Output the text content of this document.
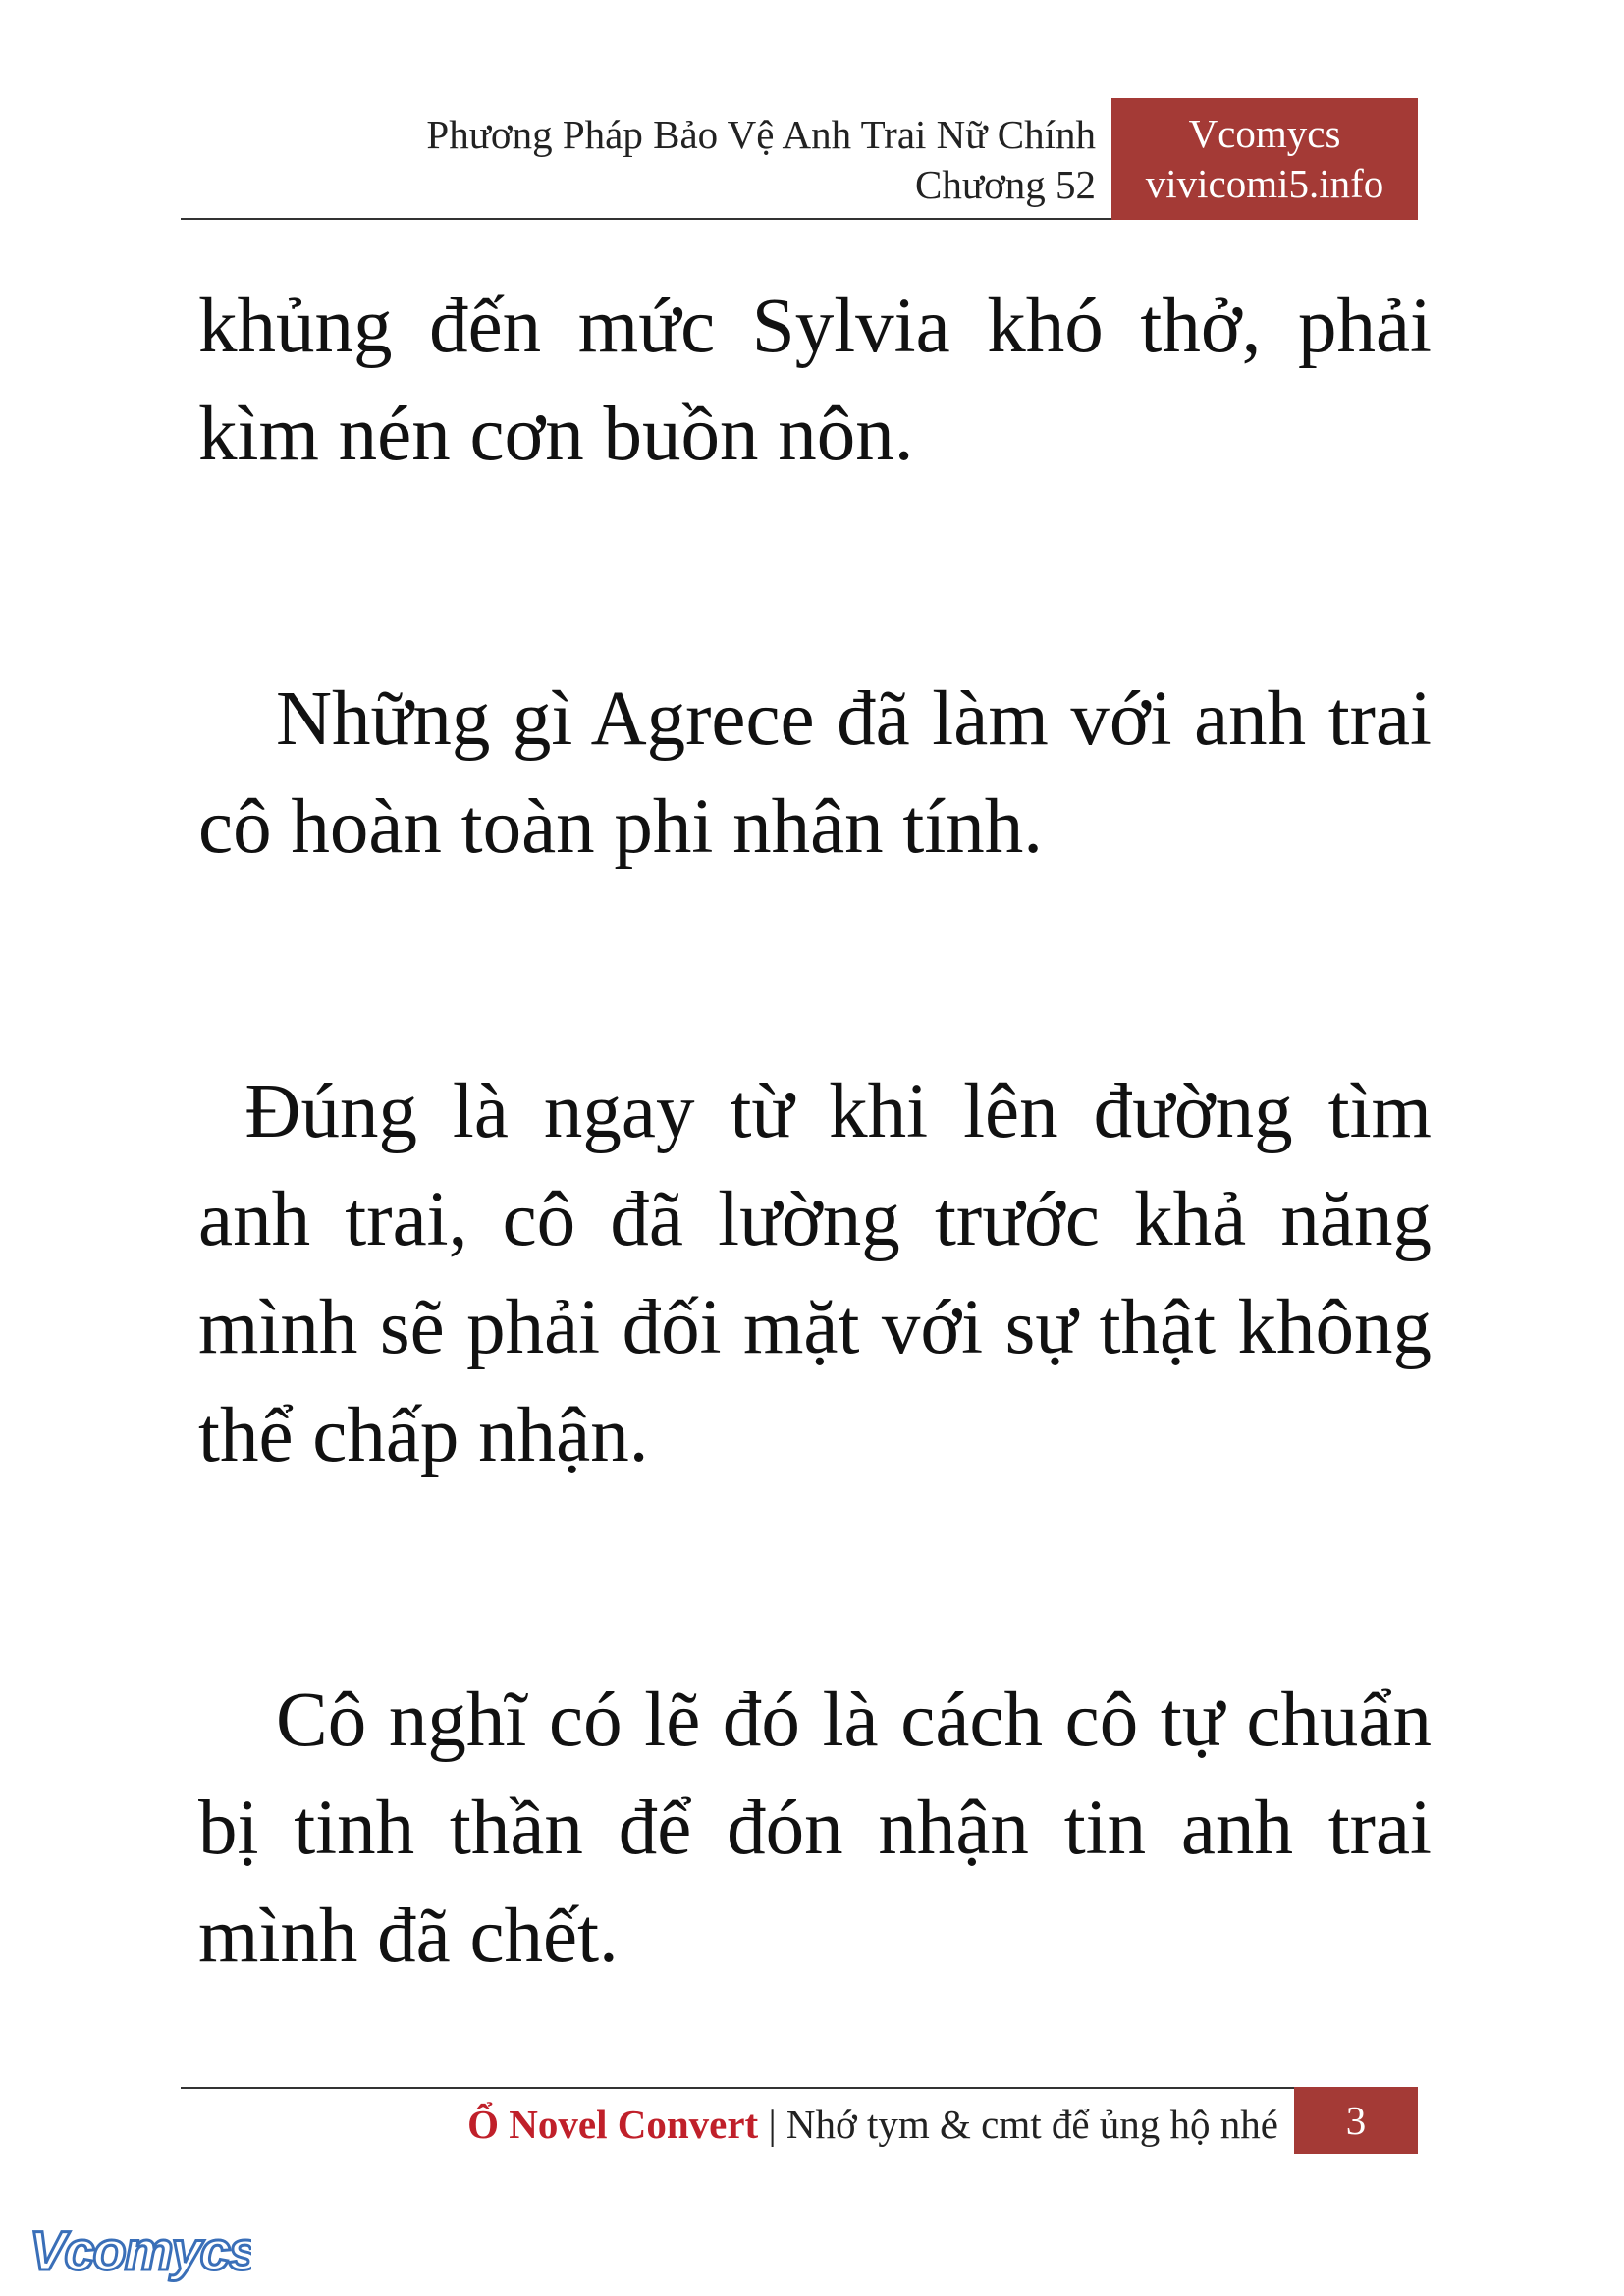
Phương Pháp Bảo Vệ Anh Trai Nữ Chính
Chương 52
Vcomycs
vivicomi5.info

khủng đến mức Sylvia khó thở, phải kìm nén cơn buồn nôn.

Những gì Agrece đã làm với anh trai cô hoàn toàn phi nhân tính.

Đúng là ngay từ khi lên đường tìm anh trai, cô đã lường trước khả năng mình sẽ phải đối mặt với sự thật không thể chấp nhận.

Cô nghĩ có lẽ đó là cách cô tự chuẩn bị tinh thần để đón nhận tin anh trai mình đã chết.

Ổ Novel Convert | Nhớ tym & cmt để ủng hộ nhé	3
Vcomycs
